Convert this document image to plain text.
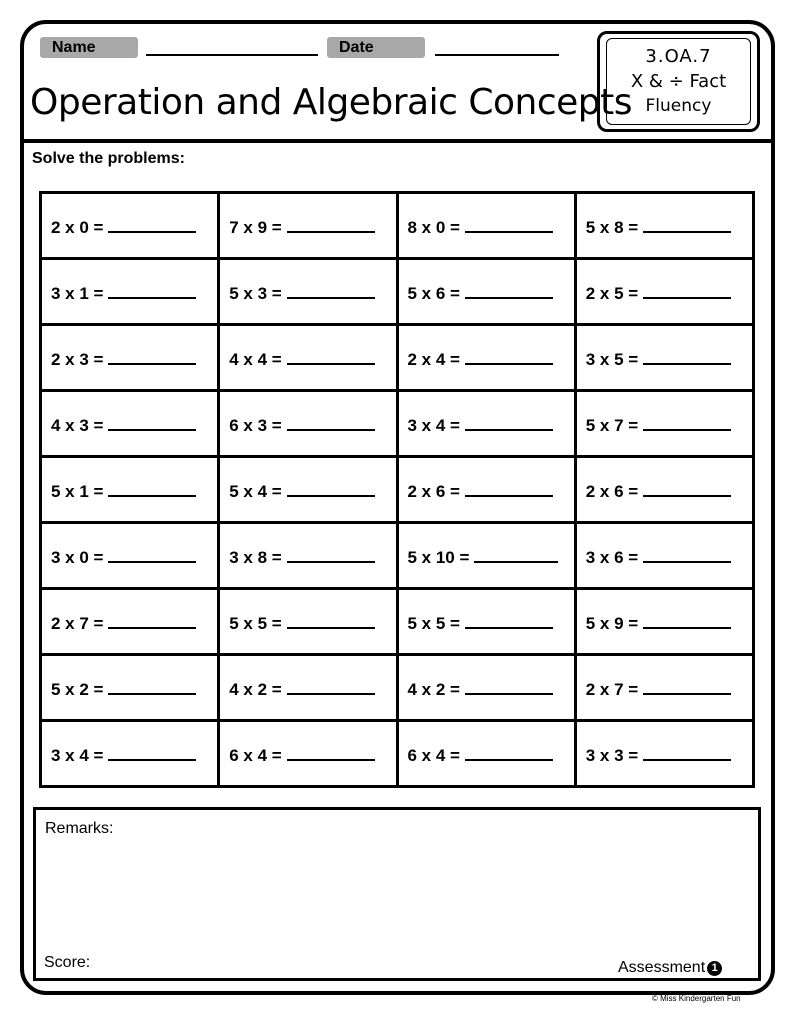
Name	Date
Operation and Algebraic Concepts
3.OA.7
X & ÷ Fact
Fluency
Solve the problems:
2 x 0 =	7 x 9 =	8 x 0 =	5 x 8 =
3 x 1 =	5 x 3 =	5 x 6 =	2 x 5 =
2 x 3 =	4 x 4 =	2 x 4 =	3 x 5 =
4 x 3 =	6 x 3 =	3 x 4 =	5 x 7 =
5 x 1 =	5 x 4 =	2 x 6 =	2 x 6 =
3 x 0 =	3 x 8 =	5 x 10 =	3 x 6 =
2 x 7 =	5 x 5 =	5 x 5 =	5 x 9 =
5 x 2 =	4 x 2 =	4 x 2 =	2 x 7 =
3 x 4 =	6 x 4 =	6 x 4 =	3 x 3 =
Remarks:
Score:	Assessment 1
© Miss Kindergarten Fun
